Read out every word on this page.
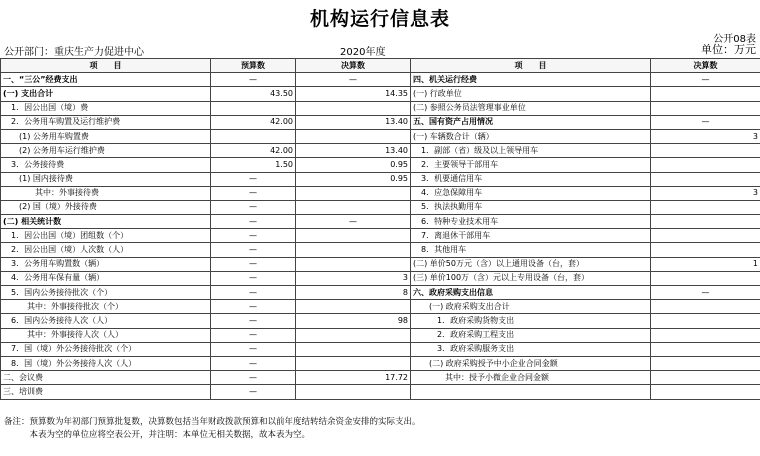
机构运行信息表
公开08表
公开部门：重庆生产力促进中心	2020年度	单位：万元
项　　目	预算数	决算数	项　　目	决算数
一、“三公”经费支出	—	—	四、机关运行经费	—
(一) 支出合计	43.50	14.35	(一) 行政单位	
　1．因公出国（境）费			(二) 参照公务员法管理事业单位	
　2．公务用车购置及运行维护费	42.00	13.40	五、国有资产占用情况	—
　　(1) 公务用车购置费			(一) 车辆数合计（辆）	3
　　(2) 公务用车运行维护费	42.00	13.40	　1．副部（省）级及以上领导用车	
　3．公务接待费	1.50	0.95	　2．主要领导干部用车	
　　(1) 国内接待费	—	0.95	　3．机要通信用车	
　　　　其中：外事接待费	—		　4．应急保障用车	3
　　(2) 国（境）外接待费	—		　5．执法执勤用车	
(二) 相关统计数	—	—	　6．特种专业技术用车	
　1．因公出国（境）团组数（个）	—		　7．离退休干部用车	
　2．因公出国（境）人次数（人）	—		　8．其他用车	
　3．公务用车购置数（辆）	—		(二) 单价50万元（含）以上通用设备（台，套）	1
　4．公务用车保有量（辆）	—	3	(三) 单价100万（含）元以上专用设备（台，套）	
　5．国内公务接待批次（个）	—	8	六、政府采购支出信息	—
　　　其中：外事接待批次（个）	—		　　(一) 政府采购支出合计	
　6．国内公务接待人次（人）	—	98	　　　1．政府采购货物支出	
　　　其中：外事接待人次（人）	—		　　　2．政府采购工程支出	
　7．国（境）外公务接待批次（个）	—		　　　3．政府采购服务支出	
　8．国（境）外公务接待人次（人）	—		　　(二) 政府采购授予中小企业合同金额	
二、会议费	—	17.72	　　　　其中：授予小微企业合同金额	
三、培训费	—			
备注：预算数为年初部门预算批复数，决算数包括当年财政拨款预算和以前年度结转结余资金安排的实际支出。
　　　本表为空的单位应将空表公开，并注明：本单位无相关数据，故本表为空。
